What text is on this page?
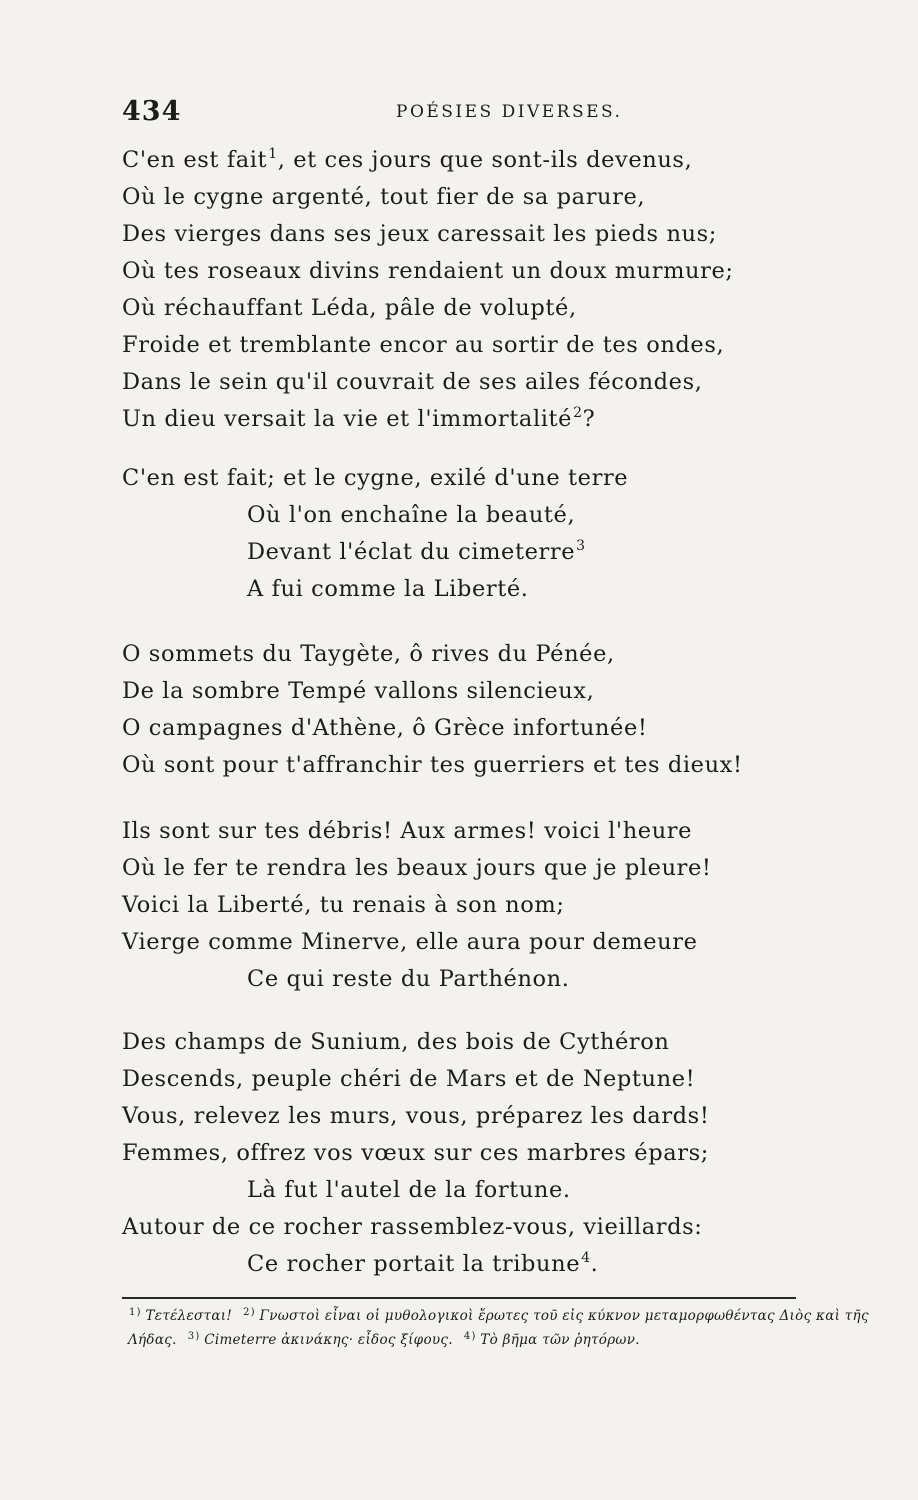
434	POÉSIES DIVERSES.
C'en est fait$^1$, et ces jours que sont-ils devenus,
Où le cygne argenté, tout fier de sa parure,
Des vierges dans ses jeux caressait les pieds nus;
Où tes roseaux divins rendaient un doux murmure;
Où réchauffant Léda, pâle de volupté,
Froide et tremblante encor au sortir de tes ondes,
Dans le sein qu'il couvrait de ses ailes fécondes,
Un dieu versait la vie et l'immortalité$^2$?
C'en est fait; et le cygne, exilé d'une terre
Où l'on enchaîne la beauté,
Devant l'éclat du cimeterre$^3$
A fui comme la Liberté.
O sommets du Taygète, ô rives du Pénée,
De la sombre Tempé vallons silencieux,
O campagnes d'Athène, ô Grèce infortunée!
Où sont pour t'affranchir tes guerriers et tes dieux!
Ils sont sur tes débris! Aux armes! voici l'heure
Où le fer te rendra les beaux jours que je pleure!
Voici la Liberté, tu renais à son nom;
Vierge comme Minerve, elle aura pour demeure
Ce qui reste du Parthénon.
Des champs de Sunium, des bois de Cythéron
Descends, peuple chéri de Mars et de Neptune!
Vous, relevez les murs, vous, préparez les dards!
Femmes, offrez vos vœux sur ces marbres épars;
Là fut l'autel de la fortune.
Autour de ce rocher rassemblez-vous, vieillards:
Ce rocher portait la tribune$^4$.
$^{1)}$ Τετέλεσται! $^{2)}$ Γνωστοὶ εἶναι οἱ μυθολογικοὶ ἔρωτες τοῦ εἰς κύκνον μεταμορφωθέντας Διὸς καὶ τῆς Λήδας. $^{3)}$ Cimeterre ἀκινάκης· εἶδος ξίφους. $^{4)}$ Τὸ βῆμα τῶν ῥητόρων.
